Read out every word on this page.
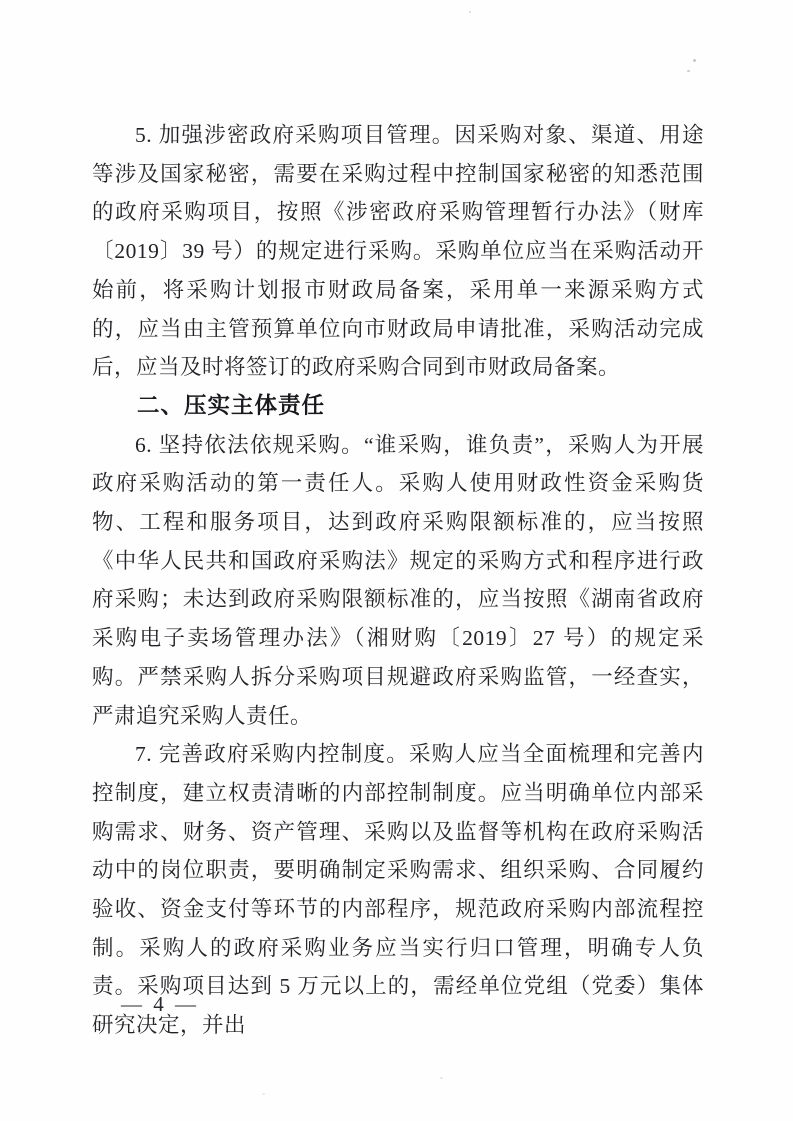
5. 加强涉密政府采购项目管理。因采购对象、渠道、用途等涉及国家秘密，需要在采购过程中控制国家秘密的知悉范围的政府采购项目，按照《涉密政府采购管理暂行办法》（财库〔2019〕39 号）的规定进行采购。采购单位应当在采购活动开始前，将采购计划报市财政局备案，采用单一来源采购方式的，应当由主管预算单位向市财政局申请批准，采购活动完成后，应当及时将签订的政府采购合同到市财政局备案。

二、压实主体责任

6. 坚持依法依规采购。“谁采购，谁负责”，采购人为开展政府采购活动的第一责任人。采购人使用财政性资金采购货物、工程和服务项目，达到政府采购限额标准的，应当按照《中华人民共和国政府采购法》规定的采购方式和程序进行政府采购；未达到政府采购限额标准的，应当按照《湖南省政府采购电子卖场管理办法》（湘财购〔2019〕27 号）的规定采购。严禁采购人拆分采购项目规避政府采购监管，一经查实，严肃追究采购人责任。

7. 完善政府采购内控制度。采购人应当全面梳理和完善内控制度，建立权责清晰的内部控制制度。应当明确单位内部采购需求、财务、资产管理、采购以及监督等机构在政府采购活动中的岗位职责，要明确制定采购需求、组织采购、合同履约验收、资金支付等环节的内部程序，规范政府采购内部流程控制。采购人的政府采购业务应当实行归口管理，明确专人负责。采购项目达到 5 万元以上的，需经单位党组（党委）集体研究决定，并出

— 4 —
